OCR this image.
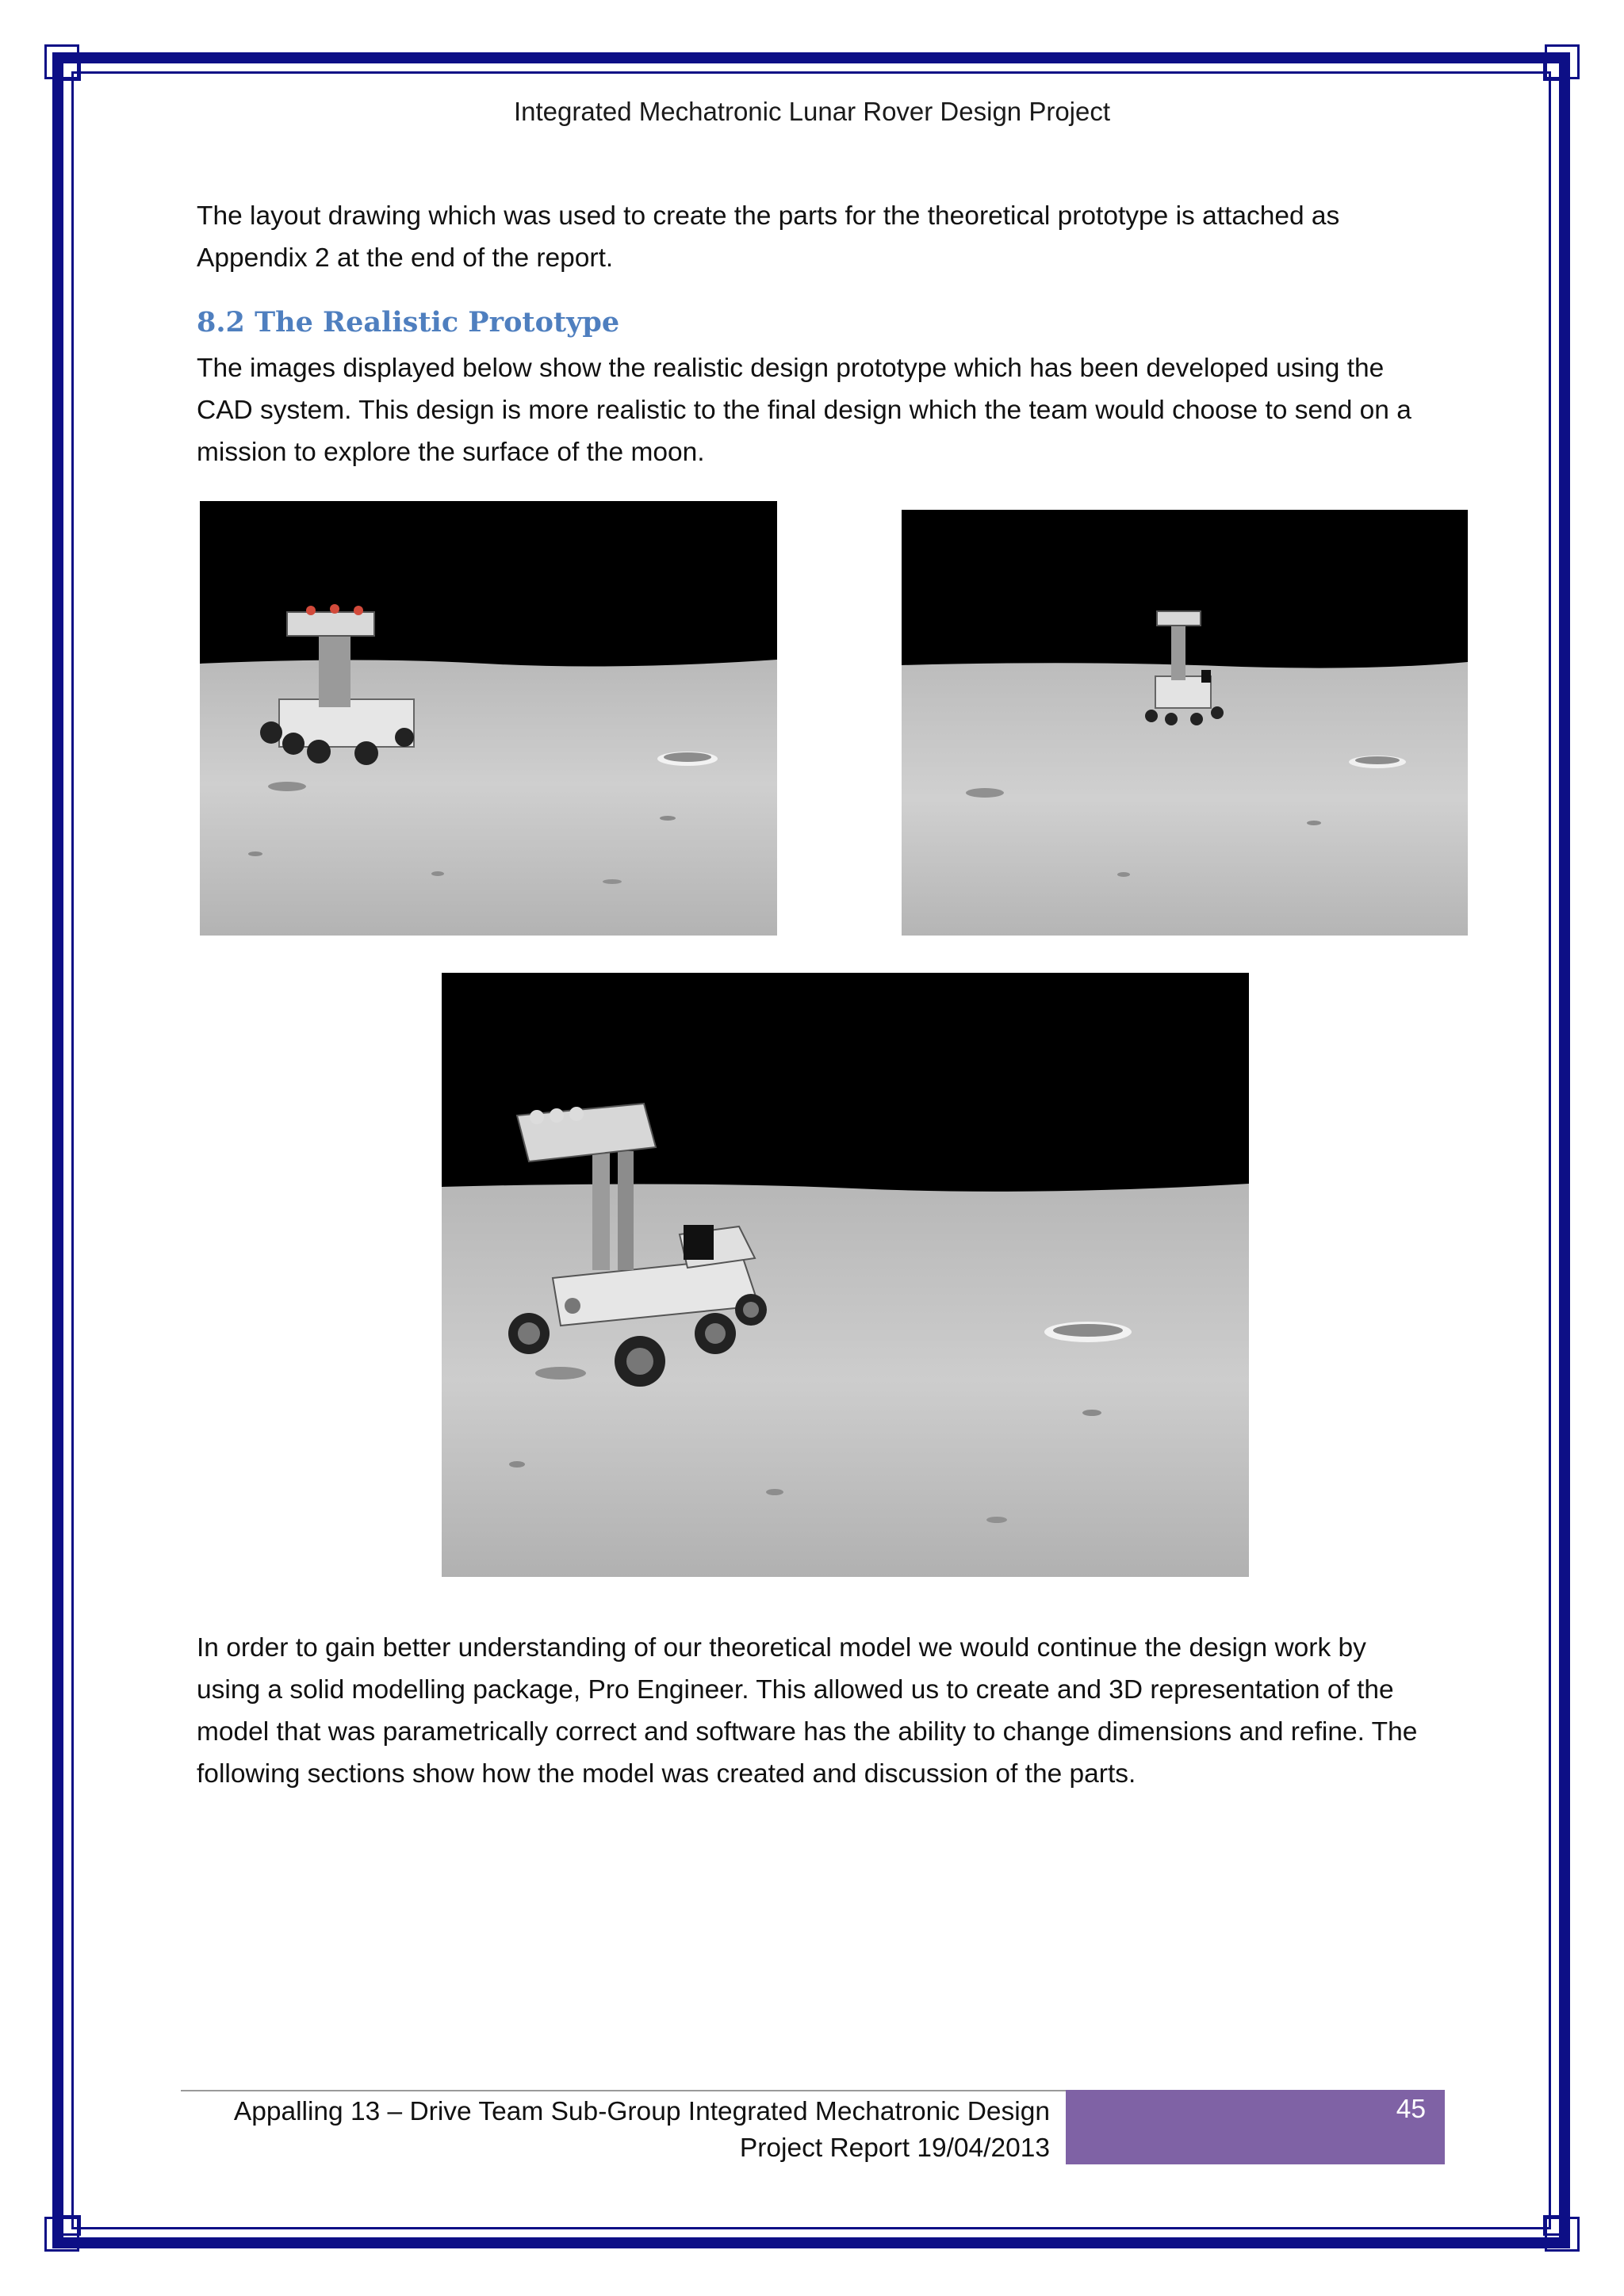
Integrated Mechatronic Lunar Rover Design Project
The layout drawing which was used to create the parts for the theoretical prototype is attached as Appendix 2 at the end of the report.
8.2 The Realistic Prototype
The images displayed below show the realistic design prototype which has been developed using the CAD system. This design is more realistic to the final design which the team would choose to send on a mission to explore the surface of the moon.
In order to gain better understanding of our theoretical model we would continue the design work by using a solid modelling package, Pro Engineer. This allowed us to create and 3D representation of the model that was parametrically correct and software has the ability to change dimensions and refine. The following sections show how the model was created and discussion of the parts.
Appalling 13 – Drive Team Sub-Group Integrated Mechatronic Design Project Report 19/04/2013
45
